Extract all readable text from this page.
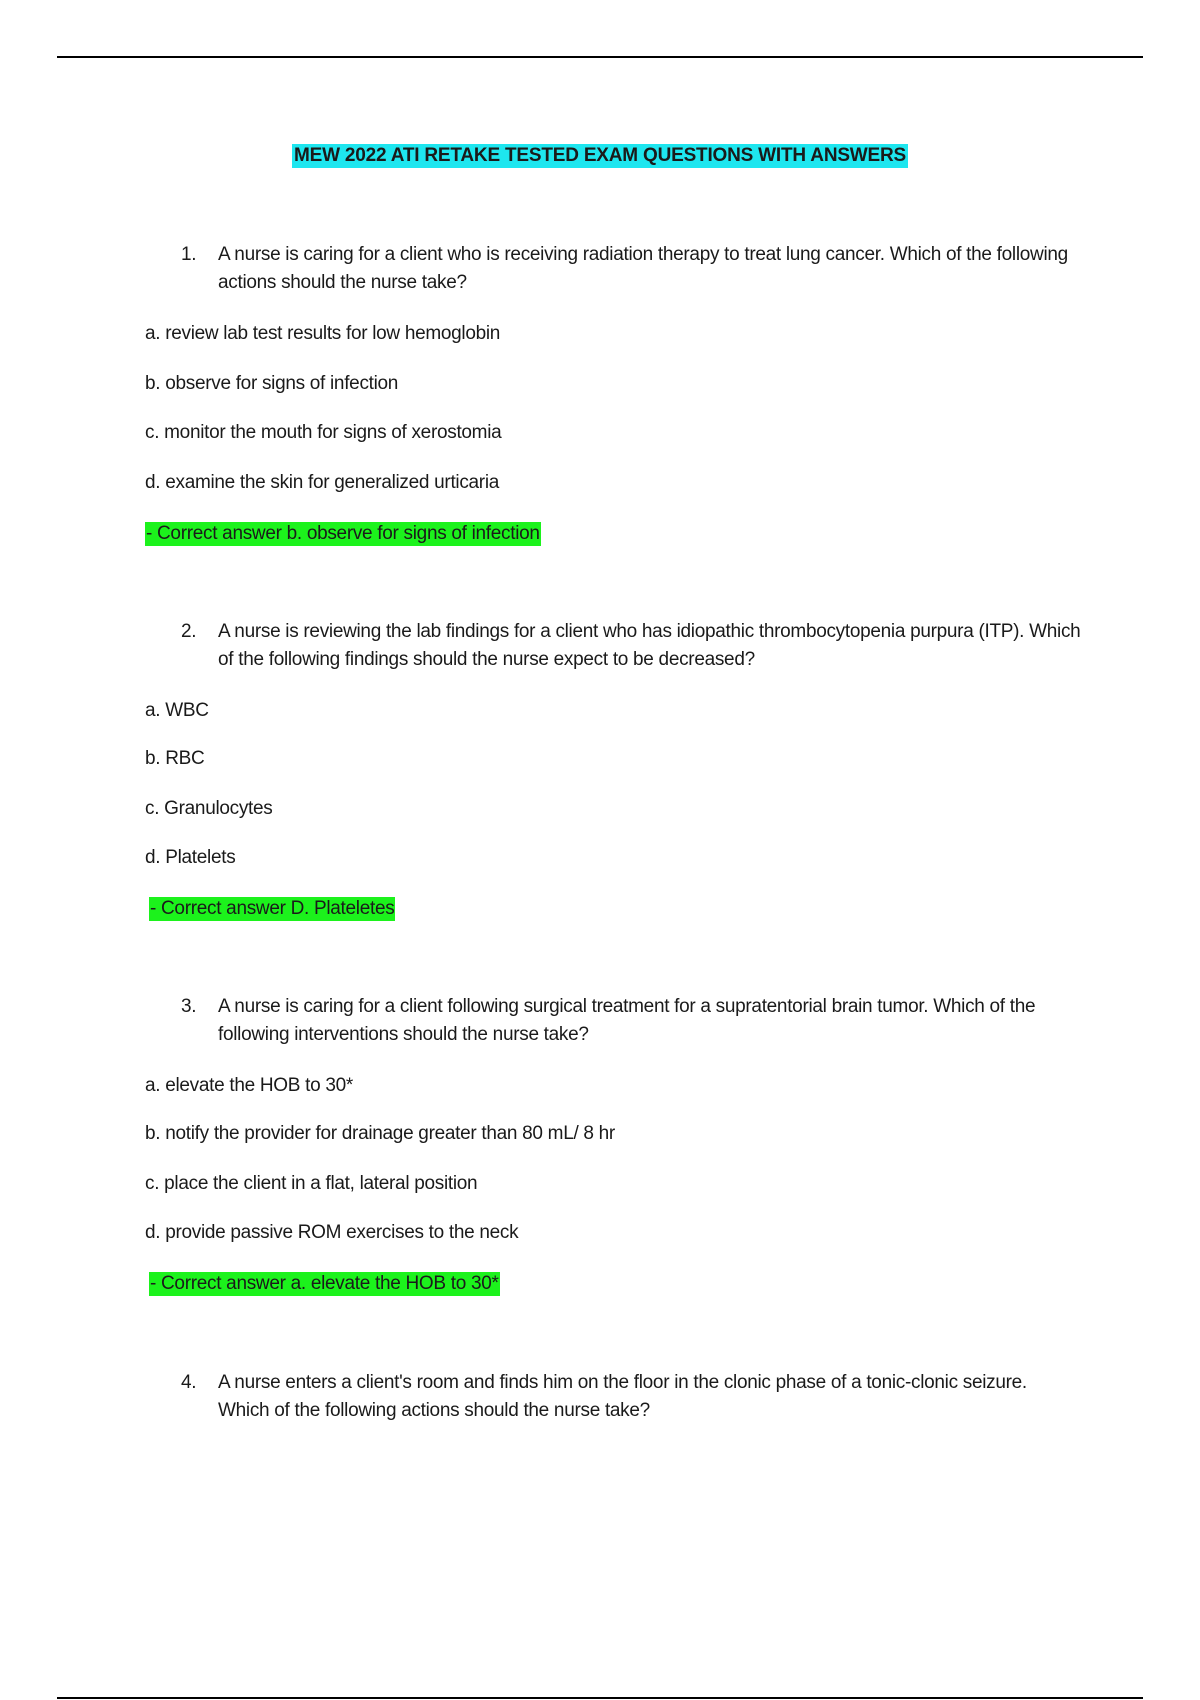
MEW 2022 ATI RETAKE TESTED EXAM QUESTIONS WITH ANSWERS
1.	A nurse is caring for a client who is receiving radiation therapy to treat lung cancer. Which of the following actions should the nurse take?
a. review lab test results for low hemoglobin
b. observe for signs of infection
c. monitor the mouth for signs of xerostomia
d. examine the skin for generalized urticaria
- Correct answer b. observe for signs of infection
2.	A nurse is reviewing the lab findings for a client who has idiopathic thrombocytopenia purpura (ITP). Which of the following findings should the nurse expect to be decreased?
a. WBC
b. RBC
c. Granulocytes
d. Platelets
- Correct answer D. Plateletes
3.	A nurse is caring for a client following surgical treatment for a supratentorial brain tumor. Which of the following interventions should the nurse take?
a. elevate the HOB to 30*
b. notify the provider for drainage greater than 80 mL/ 8 hr
c. place the client in a flat, lateral position
d. provide passive ROM exercises to the neck
- Correct answer a. elevate the HOB to 30*
4.	A nurse enters a client's room and finds him on the floor in the clonic phase of a tonic-clonic seizure. Which of the following actions should the nurse take?
